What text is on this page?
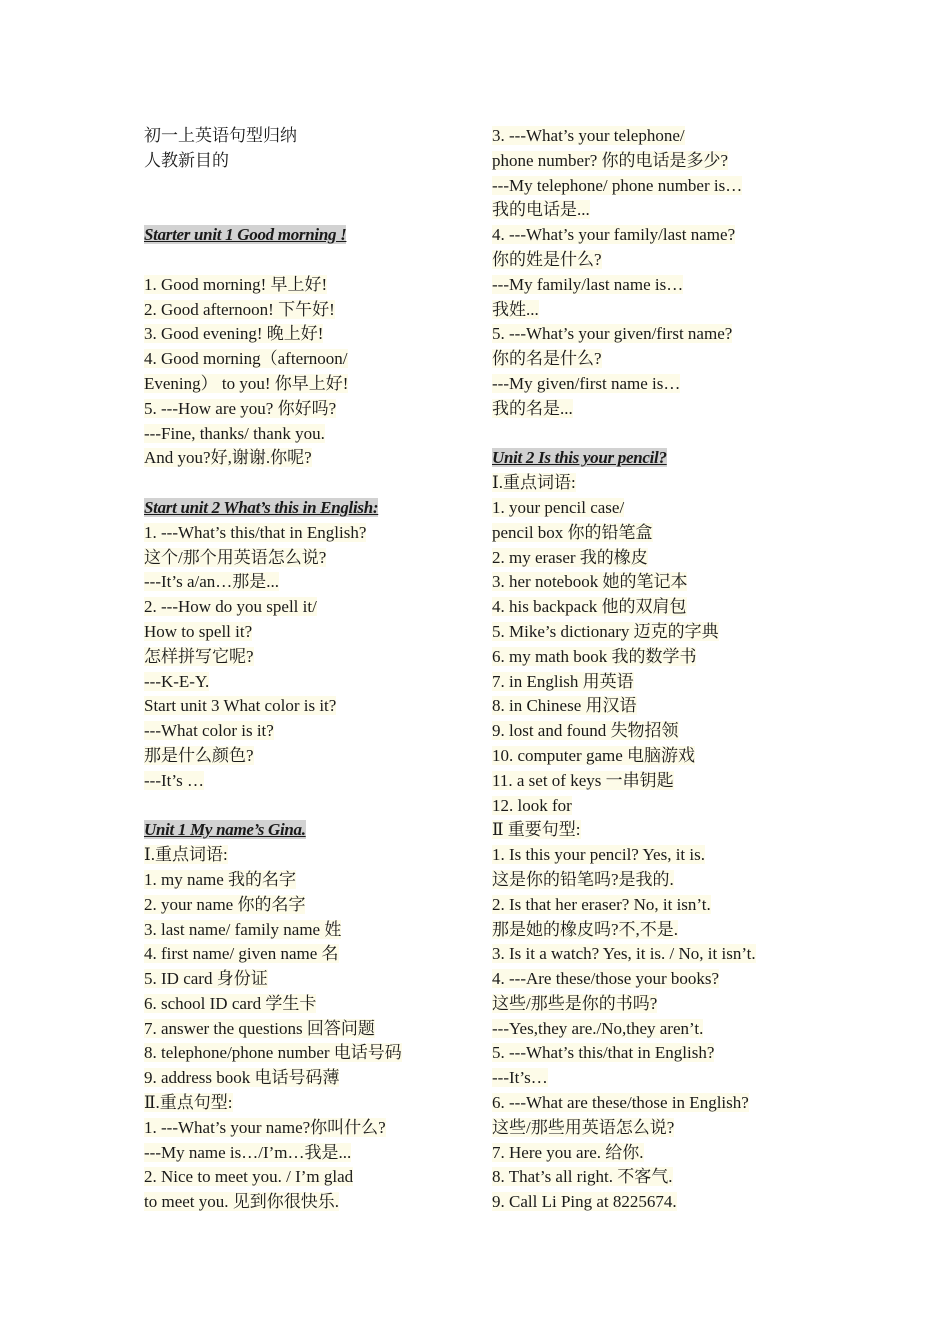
初一上英语句型归纳
人教新目的
Starter unit 1 Good morning !
1. Good morning! 早上好!
2. Good afternoon! 下午好!
3. Good evening! 晚上好!
4. Good morning（afternoon/
Evening） to you! 你早上好!
5. ---How are you? 你好吗?
---Fine, thanks/ thank you.
And you?好,谢谢.你呢?
Start unit 2 What’s this in English:
1. ---What’s this/that in English?
这个/那个用英语怎么说?
---It’s a/an…那是...
2. ---How do you spell it/
How to spell it?
怎样拼写它呢?
---K-E-Y.
Start unit 3 What color is it?
---What color is it?
那是什么颜色?
---It’s …
Unit 1 My name’s Gina.
Ⅰ.重点词语:
1. my name 我的名字
2. your name 你的名字
3. last name/ family name 姓
4. first name/ given name 名
5. ID card 身份证
6. school ID card 学生卡
7. answer the questions 回答问题
8. telephone/phone number 电话号码
9. address book 电话号码薄
Ⅱ.重点句型:
1. ---What’s your name?你叫什么?
---My name is…/I’m…我是...
2. Nice to meet you. / I’m glad
to meet you. 见到你很快乐.
3. ---What’s your telephone/
phone number? 你的电话是多少?
---My telephone/ phone number is…
我的电话是...
4. ---What’s your family/last name?
你的姓是什么?
---My family/last name is…
我姓...
5. ---What’s your given/first name?
你的名是什么?
---My given/first name is…
我的名是...
Unit 2 Is this your pencil?
Ⅰ.重点词语:
1. your pencil case/
pencil box 你的铅笔盒
2. my eraser 我的橡皮
3. her notebook 她的笔记本
4. his backpack 他的双肩包
5. Mike’s dictionary 迈克的字典
6. my math book 我的数学书
7. in English 用英语
8. in Chinese 用汉语
9. lost and found 失物招领
10. computer game 电脑游戏
11. a set of keys 一串钥匙
12. look for
Ⅱ 重要句型:
1. Is this your pencil? Yes, it is.
这是你的铅笔吗?是我的.
2. Is that her eraser? No, it isn’t.
那是她的橡皮吗?不,不是.
3. Is it a watch? Yes, it is. / No, it isn’t.
4. ---Are these/those your books?
这些/那些是你的书吗?
---Yes,they are./No,they aren’t.
5. ---What’s this/that in English?
---It’s…
6. ---What are these/those in English?
这些/那些用英语怎么说?
7. Here you are. 给你.
8. That’s all right. 不客气.
9. Call Li Ping at 8225674.
